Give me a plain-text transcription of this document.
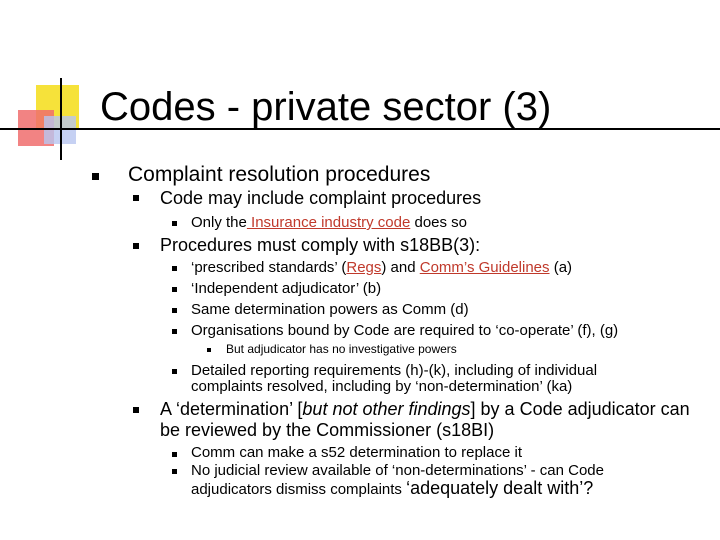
Codes - private sector (3)
Complaint resolution procedures
Code may include complaint procedures
Only the Insurance industry code does so
Procedures must comply with s18BB(3):
‘prescribed standards’ (Regs) and Comm’s Guidelines (a)
‘Independent adjudicator’ (b)
Same determination powers as Comm (d)
Organisations bound by Code are required to ‘co-operate’ (f), (g)
But adjudicator has no investigative powers
Detailed reporting requirements (h)-(k), including of individual
complaints resolved, including by ‘non-determination’ (ka)
A ‘determination’ [but not other findings] by a Code adjudicator can
be reviewed by the Commissioner (s18BI)
Comm can make a s52 determination to replace it
No judicial review available of ‘non-determinations’ - can Code
adjudicators dismiss complaints ‘adequately dealt with’?
